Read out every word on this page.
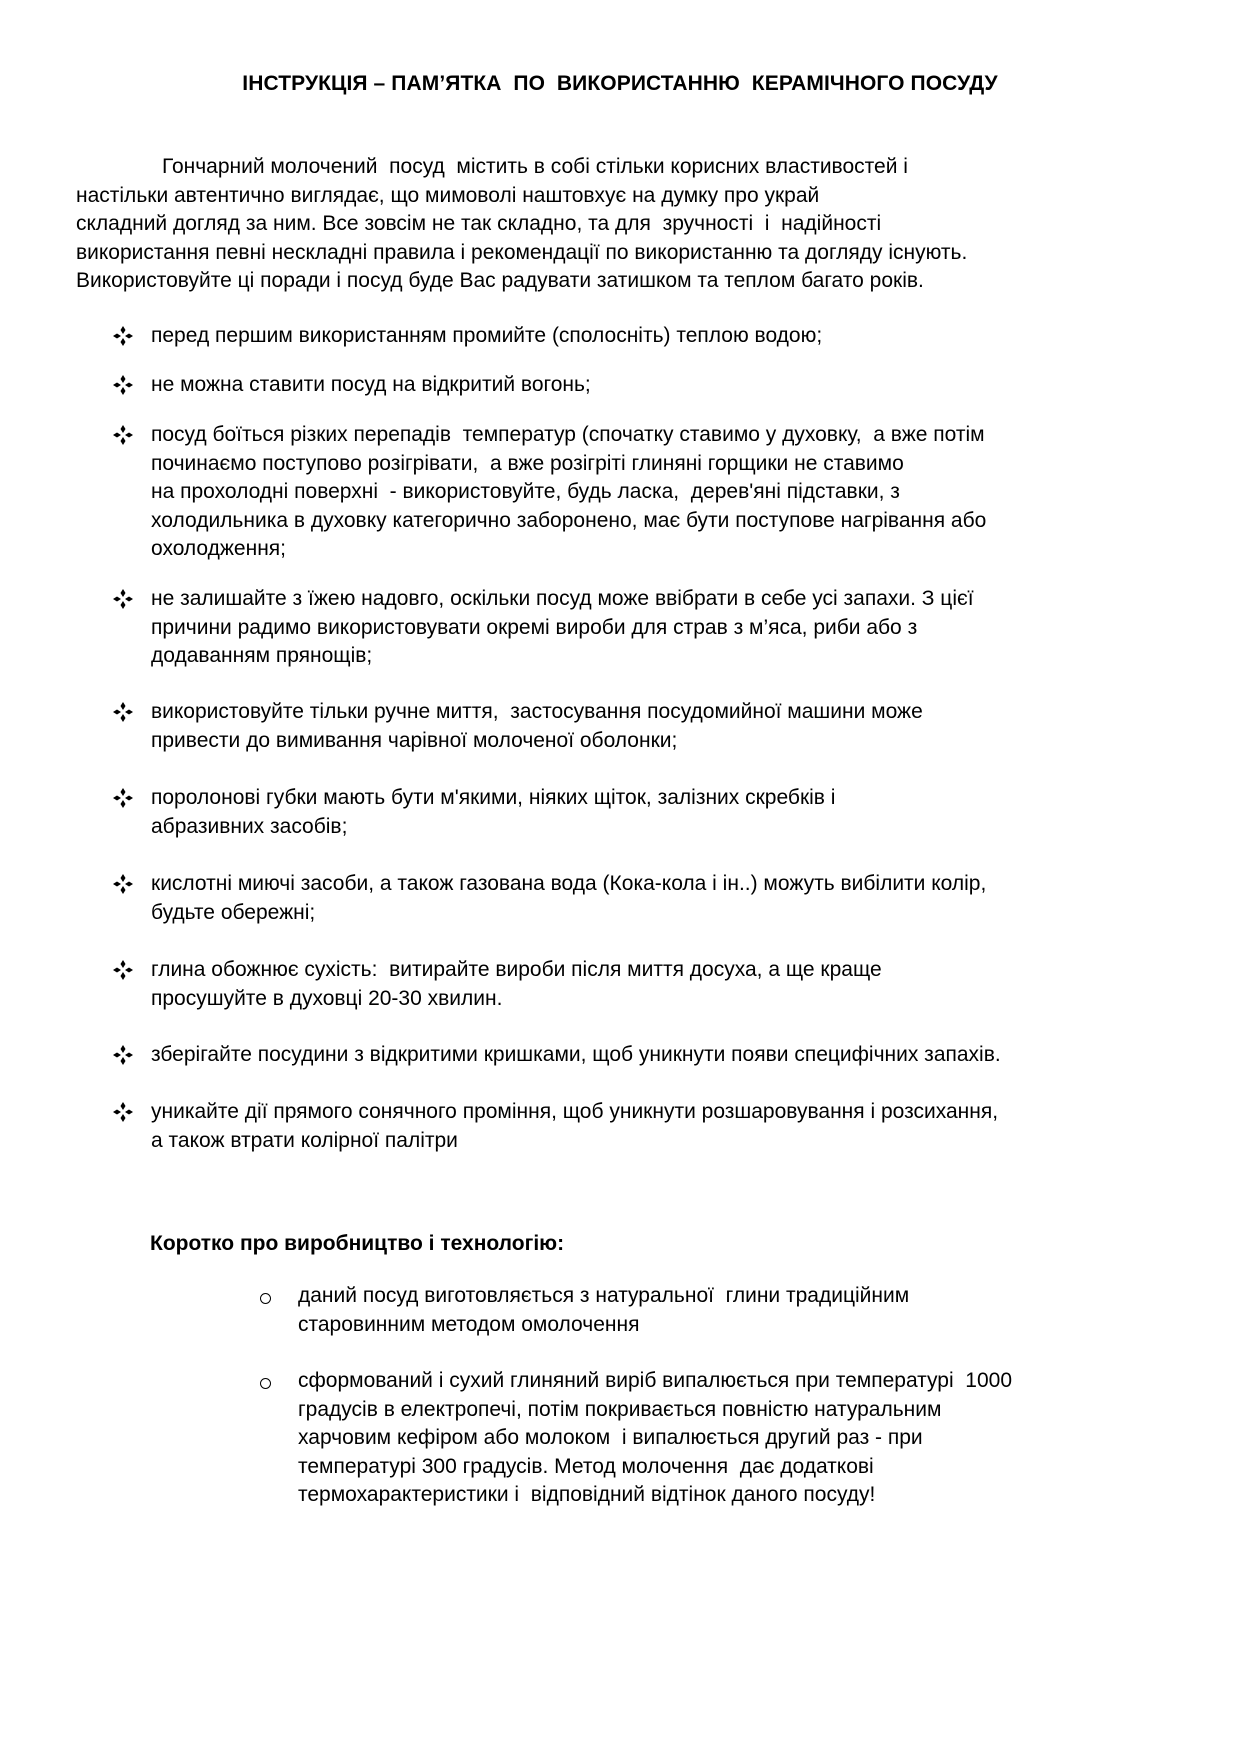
ІНСТРУКЦІЯ – ПАМ’ЯТКА  ПО  ВИКОРИСТАННЮ  КЕРАМІЧНОГО ПОСУДУ
Гончарний молочений  посуд  містить в собі стільки корисних властивостей і
настільки автентично виглядає, що мимоволі наштовхує на думку про украй
складний догляд за ним. Все зовсім не так складно, та для  зручності  і  надійності
використання певні нескладні правила і рекомендації по використанню та догляду існують.
Використовуйте ці поради і посуд буде Вас радувати затишком та теплом багато років.
перед першим використанням промийте (сполосніть) теплою водою;
не можна ставити посуд на відкритий вогонь;
посуд боїться різких перепадів  температур (спочатку ставимо у духовку,  а вже потім
починаємо поступово розігрівати,  а вже розігріті глиняні горщики не ставимо
на прохолодні поверхні  - використовуйте, будь ласка,  дерев'яні підставки, з
холодильника в духовку категорично заборонено, має бути поступове нагрівання або
охолодження;
не залишайте з їжею надовго, оскільки посуд може ввібрати в себе усі запахи. З цієї
причини радимо використовувати окремі вироби для страв з м’яса, риби або з
додаванням прянощів;
використовуйте тільки ручне миття,  застосування посудомийної машини може
привести до вимивання чарівної молоченої оболонки;
поролонові губки мають бути м'якими, ніяких щіток, залізних скребків і
абразивних засобів;
кислотні миючі засоби, а також газована вода (Кока-кола і ін..) можуть вибілити колір,
будьте обережні;
глина обожнює сухість:  витирайте вироби після миття досуха, а ще краще
просушуйте в духовці 20-30 хвилин.
зберігайте посудини з відкритими кришками, щоб уникнути появи специфічних запахів.
уникайте дії прямого сонячного проміння, щоб уникнути розшаровування і розсихання,
а також втрати колірної палітри
Коротко про виробництво і технологію:
даний посуд виготовляється з натуральної  глини традиційним
старовинним методом омолочення
сформований і сухий глиняний виріб випалюється при температурі  1000
градусів в електропечі, потім покривається повністю натуральним
харчовим кефіром або молоком  і випалюється другий раз - при
температурі 300 градусів. Метод молочення  дає додаткові
термохарактеристики і  відповідний відтінок даного посуду!
